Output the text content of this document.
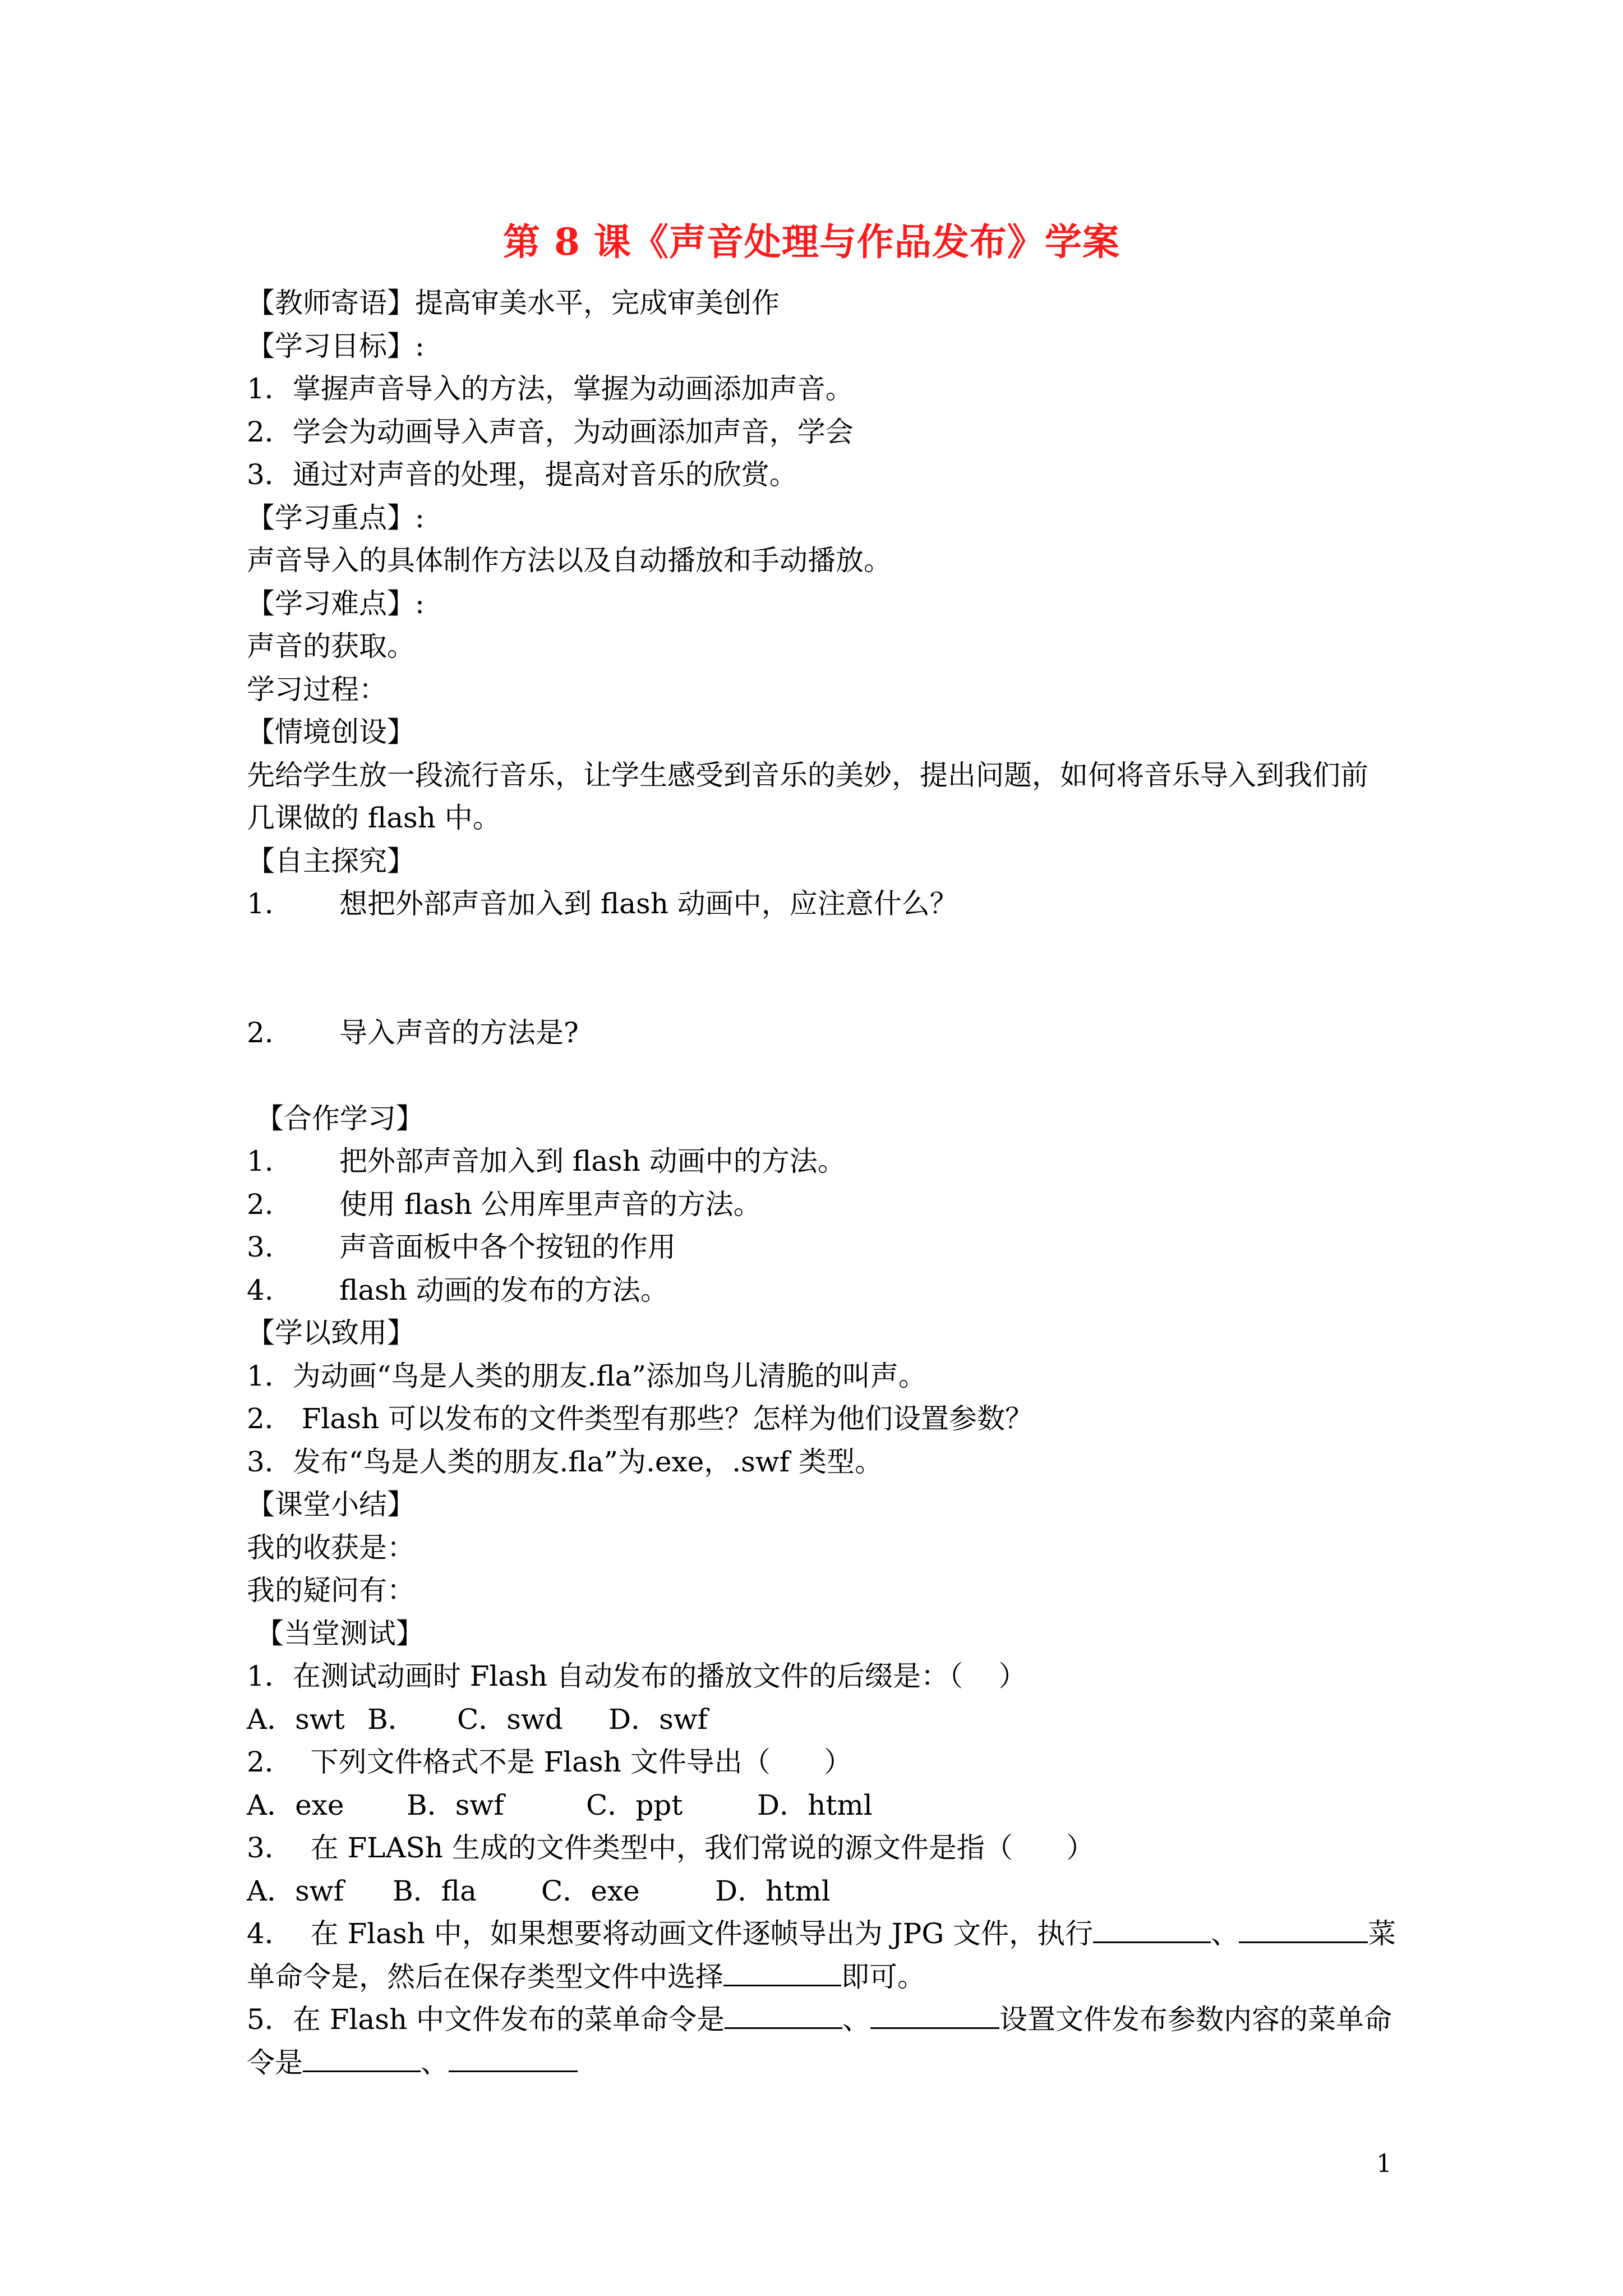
第 8 课《声音处理与作品发布》学案
【教师寄语】提高审美水平，完成审美创作
【学习目标】:
1．掌握声音导入的方法，掌握为动画添加声音。
2．学会为动画导入声音，为动画添加声音，学会
3．通过对声音的处理，提高对音乐的欣赏。
【学习重点】:
声音导入的具体制作方法以及自动播放和手动播放。
【学习难点】:
声音的获取。
学习过程：
【情境创设】
先给学生放一段流行音乐，让学生感受到音乐的美妙，提出问题，如何将音乐导入到我们前几课做的 flash 中。
【自主探究】
1.	想把外部声音加入到 flash 动画中，应注意什么？
2.	导入声音的方法是?
【合作学习】
1.	把外部声音加入到 flash 动画中的方法。
2.	使用 flash 公用库里声音的方法。
3.	声音面板中各个按钮的作用
4.	flash 动画的发布的方法。
【学以致用】
1．为动画“鸟是人类的朋友.fla”添加鸟儿清脆的叫声。
2． Flash 可以发布的文件类型有那些？怎样为他们设置参数？
3．发布“鸟是人类的朋友.fla”为.exe，.swf 类型。
【课堂小结】
我的收获是：
我的疑问有：
【当堂测试】
1．在测试动画时 Flash 自动发布的播放文件的后缀是：（    ）
A．swt B．	C．swd	D．swf
2．  下列文件格式不是 Flash 文件导出（      ）
A．exe	B．swf	C．ppt	D．html
3．  在 FLASh 生成的文件类型中，我们常说的源文件是指（      ）
A．swf	B．fla	C．exe	D．html
4．  在 Flash 中，如果想要将动画文件逐帧导出为 JPG 文件，执行	、	菜
单命令是，然后在保存类型文件中选择	即可。
5．在 Flash 中文件发布的菜单命令是	、	设置文件发布参数内容的菜单命
令是	、
1
